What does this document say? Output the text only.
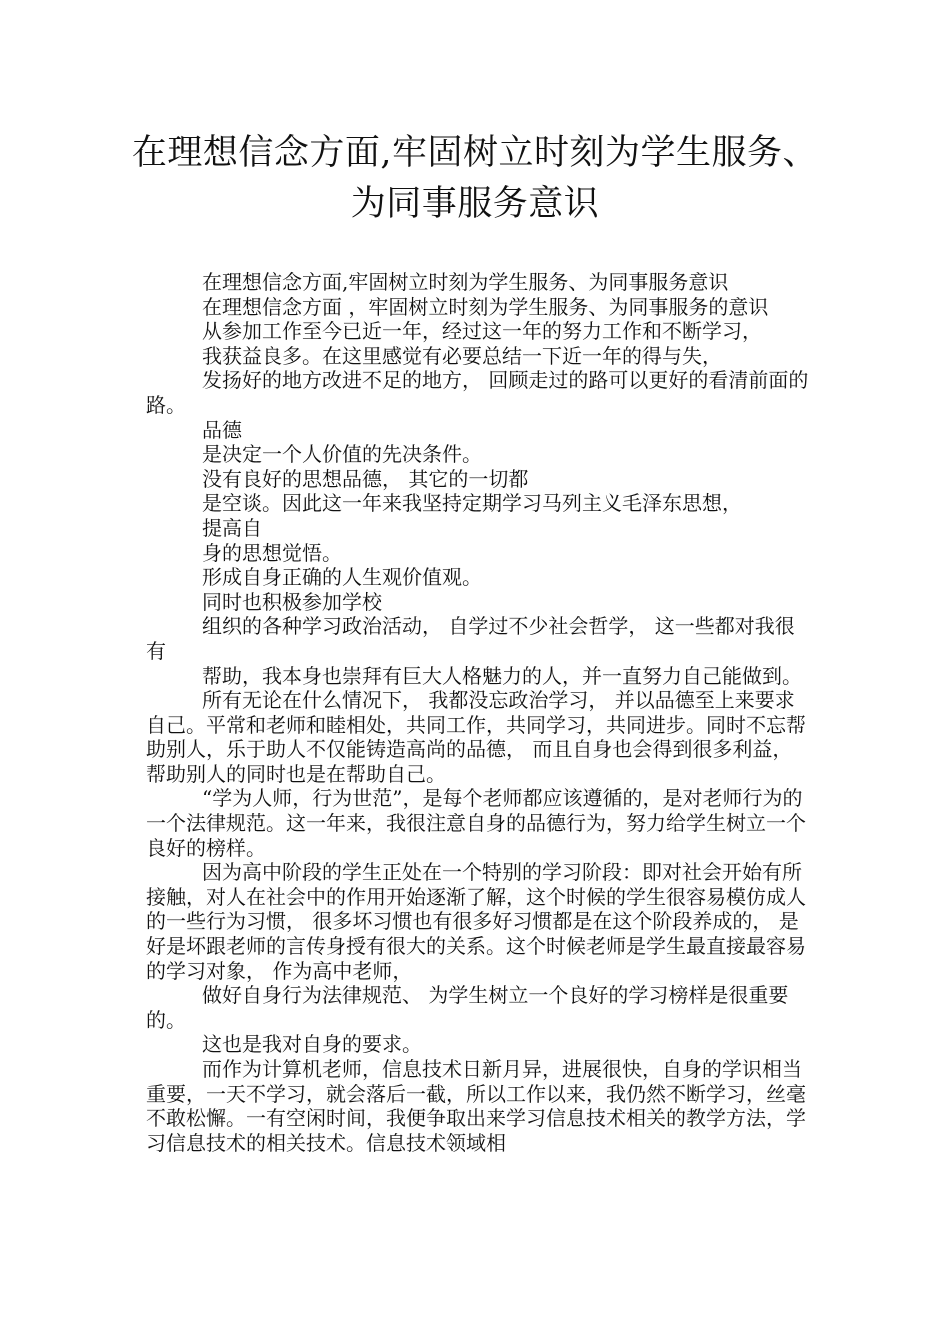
在理想信念方面,牢固树立时刻为学生服务、
为同事服务意识

在理想信念方面,牢固树立时刻为学生服务、为同事服务意识

在理想信念方面 ，牢固树立时刻为学生服务、为同事服务的意识

从参加工作至今已近一年，经过这一年的努力工作和不断学习，

我获益良多。在这里感觉有必要总结一下近一年的得与失，

发扬好的地方改进不足的地方， 回顾走过的路可以更好的看清前面的路。

品德

是决定一个人价值的先决条件。

没有良好的思想品德， 其它的一切都

是空谈。因此这一年来我坚持定期学习马列主义毛泽东思想，

提高自

身的思想觉悟。

形成自身正确的人生观价值观。

同时也积极参加学校

组织的各种学习政治活动， 自学过不少社会哲学， 这一些都对我很有

帮助，我本身也崇拜有巨大人格魅力的人，并一直努力自己能做到。

所有无论在什么情况下， 我都没忘政治学习， 并以品德至上来要求自己。平常和老师和睦相处，共同工作，共同学习，共同进步。同时不忘帮助别人，乐于助人不仅能铸造高尚的品德， 而且自身也会得到很多利益，帮助别人的同时也是在帮助自己。

“学为人师，行为世范”，是每个老师都应该遵循的，是对老师行为的一个法律规范。这一年来，我很注意自身的品德行为，努力给学生树立一个良好的榜样。

因为高中阶段的学生正处在一个特别的学习阶段：即对社会开始有所接触，对人在社会中的作用开始逐渐了解，这个时候的学生很容易模仿成人的一些行为习惯， 很多坏习惯也有很多好习惯都是在这个阶段养成的， 是好是坏跟老师的言传身授有很大的关系。这个时候老师是学生最直接最容易的学习对象， 作为高中老师，

做好自身行为法律规范、 为学生树立一个良好的学习榜样是很重要的。

这也是我对自身的要求。

而作为计算机老师，信息技术日新月异，进展很快，自身的学识相当重要，一天不学习，就会落后一截，所以工作以来，我仍然不断学习，丝毫不敢松懈。一有空闲时间，我便争取出来学习信息技术相关的教学方法，学习信息技术的相关技术。信息技术领域相
